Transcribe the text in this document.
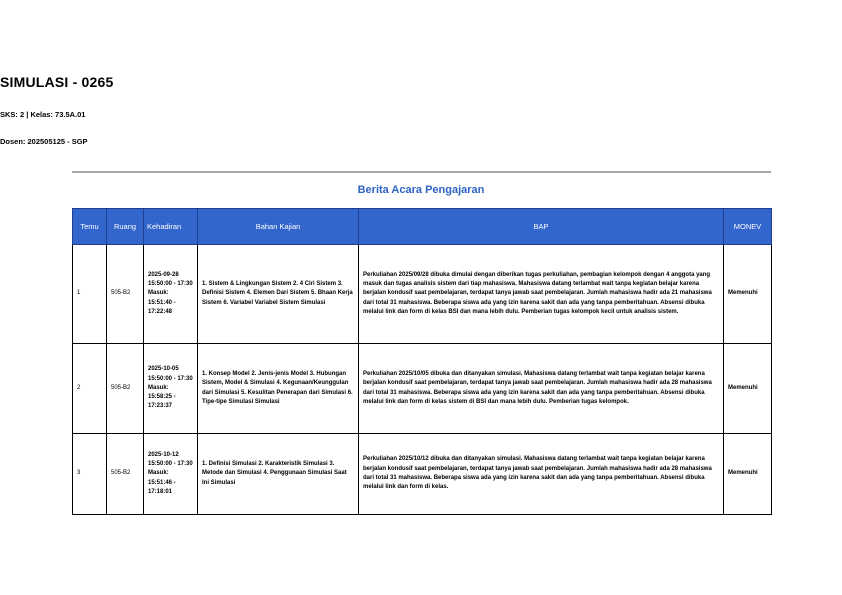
SIMULASI - 0265
SKS: 2 | Kelas: 73.5A.01
Dosen: 202505125 - SGP
Berita Acara Pengajaran
Temu	Ruang	Kehadiran	Bahan Kajian	BAP	MONEV
1	505-B2	2025-09-28 15:50:00 - 17:30 Masuk: 15:51:40 - 17:22:48	1. Sistem & Lingkungan Sistem 2. 4 Ciri Sistem 3. Definisi Sistem 4. Elemen Dari Sistem 5. Bhaan Kerja Sistem 6. Variabel Variabel Sistem Simulasi	Perkuliahan 2025/09/28 dibuka dimulai dengan diberikan tugas perkuliahan, pembagian kelompok dengan 4 anggota yang masuk dan tugas analisis sistem dari tiap mahasiswa. Mahasiswa datang terlambat wait tanpa kegiatan belajar karena berjalan kondusif saat pembelajaran, terdapat tanya jawab saat pembelajaran. Jumlah mahasiswa hadir ada 21 mahasiswa dari total 31 mahasiswa. Beberapa siswa ada yang izin karena sakit dan ada yang tanpa pemberitahuan. Absensi dibuka melalui link dan form di kelas BSI dan mana lebih dulu. Pemberian tugas kelompok kecil untuk analisis sistem.	Memenuhi
2	505-B2	2025-10-05 15:50:00 - 17:30 Masuk: 15:58:25 - 17:23:37	1. Konsep Model 2. Jenis-jenis Model 3. Hubungan Sistem, Model & Simulasi 4. Kegunaan/Keunggulan dari Simulasi 5. Kesulitan Penerapan dari Simulasi 6. Tipe-tipe Simulasi Simulasi	Perkuliahan 2025/10/05 dibuka dan ditanyakan simulasi. Mahasiswa datang terlambat wait tanpa kegiatan belajar karena berjalan kondusif saat pembelajaran, terdapat tanya jawab saat pembelajaran. Jumlah mahasiswa hadir ada 28 mahasiswa dari total 31 mahasiswa. Beberapa siswa ada yang izin karena sakit dan ada yang tanpa pemberitahuan. Absensi dibuka melalui link dan form di kelas sistem di BSI dan mana lebih dulu. Pemberian tugas kelompok.	Memenuhi
3	505-B2	2025-10-12 15:50:00 - 17:30 Masuk: 15:51:46 - 17:18:01	1. Definisi Simulasi 2. Karakteristik Simulasi 3. Metode dan Simulasi 4. Penggunaan Simulasi Saat Ini Simulasi	Perkuliahan 2025/10/12 dibuka dan ditanyakan simulasi. Mahasiswa datang terlambat wait tanpa kegiatan belajar karena berjalan kondusif saat pembelajaran, terdapat tanya jawab saat pembelajaran. Jumlah mahasiswa hadir ada 28 mahasiswa dari total 31 mahasiswa. Beberapa siswa ada yang izin karena sakit dan ada yang tanpa pemberitahuan. Absensi dibuka melalui link dan form di kelas.	Memenuhi
